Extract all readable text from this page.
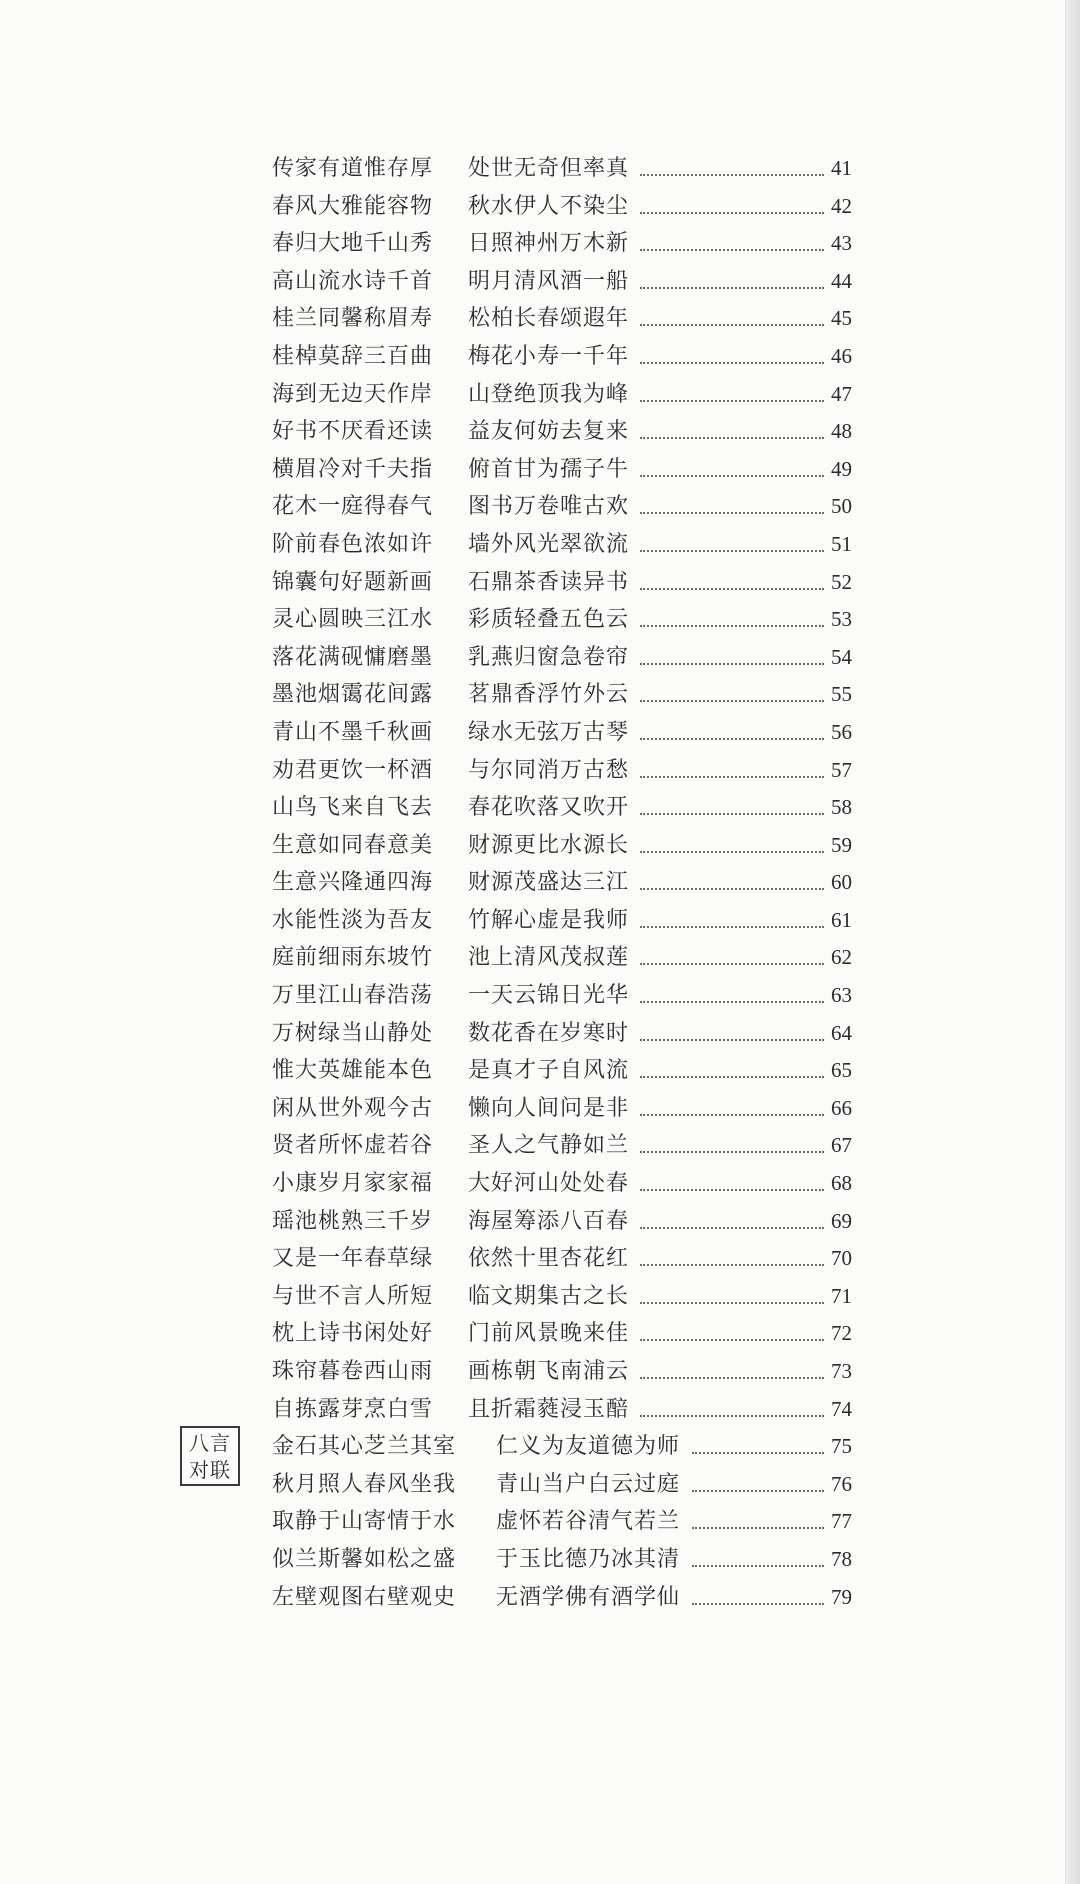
八言
对联
传家有道惟存厚 处世无奇但率真	41
春风大雅能容物 秋水伊人不染尘	42
春归大地千山秀 日照神州万木新	43
高山流水诗千首 明月清风酒一船	44
桂兰同馨称眉寿 松柏长春颂遐年	45
桂棹莫辞三百曲 梅花小寿一千年	46
海到无边天作岸 山登绝顶我为峰	47
好书不厌看还读 益友何妨去复来	48
横眉冷对千夫指 俯首甘为孺子牛	49
花木一庭得春气 图书万卷唯古欢	50
阶前春色浓如许 墙外风光翠欲流	51
锦囊句好题新画 石鼎茶香读异书	52
灵心圆映三江水 彩质轻叠五色云	53
落花满砚慵磨墨 乳燕归窗急卷帘	54
墨池烟霭花间露 茗鼎香浮竹外云	55
青山不墨千秋画 绿水无弦万古琴	56
劝君更饮一杯酒 与尔同消万古愁	57
山鸟飞来自飞去 春花吹落又吹开	58
生意如同春意美 财源更比水源长	59
生意兴隆通四海 财源茂盛达三江	60
水能性淡为吾友 竹解心虚是我师	61
庭前细雨东坡竹 池上清风茂叔莲	62
万里江山春浩荡 一天云锦日光华	63
万树绿当山静处 数花香在岁寒时	64
惟大英雄能本色 是真才子自风流	65
闲从世外观今古 懒向人间问是非	66
贤者所怀虚若谷 圣人之气静如兰	67
小康岁月家家福 大好河山处处春	68
瑶池桃熟三千岁 海屋筹添八百春	69
又是一年春草绿 依然十里杏花红	70
与世不言人所短 临文期集古之长	71
枕上诗书闲处好 门前风景晚来佳	72
珠帘暮卷西山雨 画栋朝飞南浦云	73
自拣露芽烹白雪 且折霜蕤浸玉醅	74
金石其心芝兰其室 仁义为友道德为师	75
秋月照人春风坐我 青山当户白云过庭	76
取静于山寄情于水 虚怀若谷清气若兰	77
似兰斯馨如松之盛 于玉比德乃冰其清	78
左壁观图右壁观史 无酒学佛有酒学仙	79
